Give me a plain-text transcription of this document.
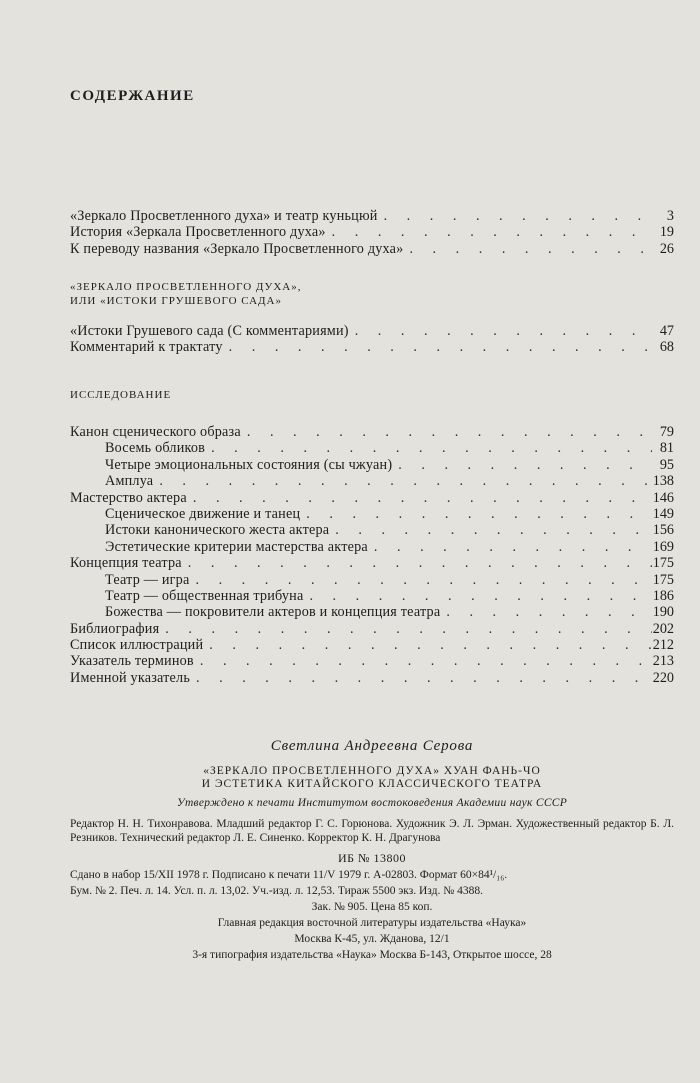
СОДЕРЖАНИЕ
«Зеркало Просветленного духа» и театр куньцюй . . .	3
История «Зеркала Просветленного духа» . . .	19
К переводу названия «Зеркало Просветленного духа» . . .	26
«ЗЕРКАЛО ПРОСВЕТЛЕННОГО ДУХА»,
ИЛИ «ИСТОКИ ГРУШЕВОГО САДА»
«Истоки Грушевого сада (С комментариями) . . .	47
Комментарий к трактату . . .	68
ИССЛЕДОВАНИЕ
Канон сценического образа . . .	79
Восемь обликов . . .	81
Четыре эмоциональных состояния (сы чжуан) . . .	95
Амплуа . . .	138
Мастерство актера . . .	146
Сценическое движение и танец . . .	149
Истоки канонического жеста актера . . .	156
Эстетические критерии мастерства актера . . .	169
Концепция театра . . .	175
Театр — игра . . .	175
Театр — общественная трибуна . . .	186
Божества — покровители актеров и концепция театра . . .	190
Библиография . . .	202
Список иллюстраций . . .	212
Указатель терминов . . .	213
Именной указатель . . .	220
Светлина Андреевна Серова
«ЗЕРКАЛО ПРОСВЕТЛЕННОГО ДУХА» ХУАН ФАНЬ-ЧО
И ЭСТЕТИКА КИТАЙСКОГО КЛАССИЧЕСКОГО ТЕАТРА
Утверждено к печати Институтом востоковедения Академии наук СССР
Редактор Н. Н. Тихонравова. Младший редактор Г. С. Горюнова. Художник Э. Л. Эрман. Художественный редактор Б. Л. Резников. Технический редактор Л. Е. Синенко. Корректор К. Н. Драгунова
ИБ № 13800
Сдано в набор 15/XII 1978 г. Подписано к печати 11/V 1979 г. А-02803. Формат 60×84¹/₁₆.
Бум. № 2. Печ. л. 14. Усл. п. л. 13,02. Уч.-изд. л. 12,53. Тираж 5500 экз. Изд. № 4388.
Зак. № 905. Цена 85 коп.
Главная редакция восточной литературы издательства «Наука»
Москва К-45, ул. Жданова, 12/1
3-я типография издательства «Наука» Москва Б-143, Открытое шоссе, 28
